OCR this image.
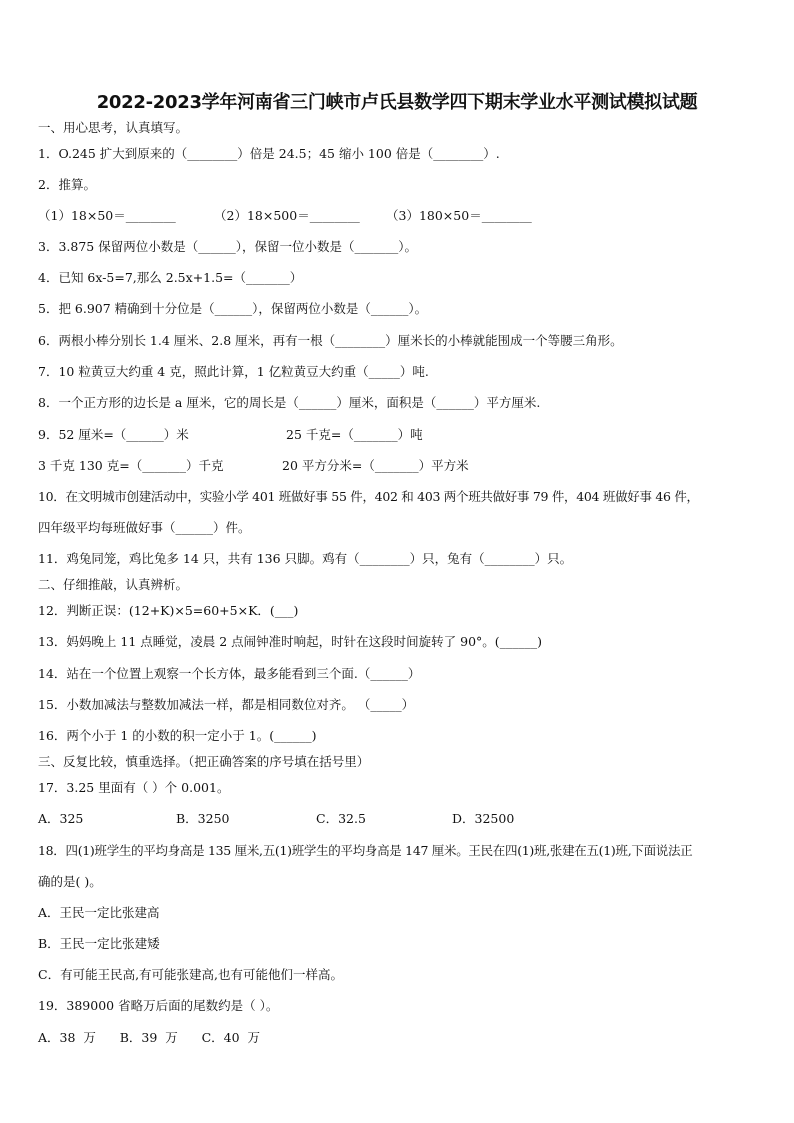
2022-2023学年河南省三门峡市卢氏县数学四下期末学业水平测试模拟试题
一、用心思考，认真填写。
1．O.245 扩大到原来的（________）倍是 24.5；45 缩小 100 倍是（________）.
2．推算。
（1）18×50＝________	（2）18×500＝________ （3）180×50＝________
3．3.875 保留两位小数是（______），保留一位小数是（_______）。
4．已知 6x-5=7,那么 2.5x+1.5=（_______）
5．把 6.907 精确到十分位是（______），保留两位小数是（______）。
6．两根小棒分别长 1.4 厘米、2.8 厘米，再有一根（________）厘米长的小棒就能围成一个等腰三角形。
7．10 粒黄豆大约重 4 克，照此计算，1 亿粒黄豆大约重（_____）吨.
8．一个正方形的边长是 a 厘米，它的周长是（______）厘米，面积是（______）平方厘米.
9．52 厘米=（______）米	25 千克=（_______）吨
3 千克 130 克=（_______）千克	20 平方分米=（_______）平方米
10．在文明城市创建活动中，实验小学 401 班做好事 55 件，402 和 403 两个班共做好事 79 件，404 班做好事 46 件，
四年级平均每班做好事（______）件。
11．鸡兔同笼，鸡比兔多 14 只，共有 136 只脚。鸡有（________）只，兔有（________）只。
二、仔细推敲，认真辨析。
12．判断正误：(12+K)×5=60+5×K．(___)
13．妈妈晚上 11 点睡觉，凌晨 2 点闹钟准时响起，时针在这段时间旋转了 90°。(______)
14．站在一个位置上观察一个长方体，最多能看到三个面.（______）
15．小数加减法与整数加减法一样，都是相同数位对齐。 （_____）
16．两个小于 1 的小数的积一定小于 1。(______)
三、反复比较，慎重选择。（把正确答案的序号填在括号里）
17．3.25 里面有（ ）个 0.001。
A．325	B．3250	C．32.5	D．32500
18．四(1)班学生的平均身高是 135 厘米,五(1)班学生的平均身高是 147 厘米。王民在四(1)班,张建在五(1)班,下面说法正
确的是( )。
A．王民一定比张建高
B．王民一定比张建矮
C．有可能王民高,有可能张建高,也有可能他们一样高。
19．389000 省略万后面的尾数约是（ ）。
A．38  万      B．39  万      C．40  万
